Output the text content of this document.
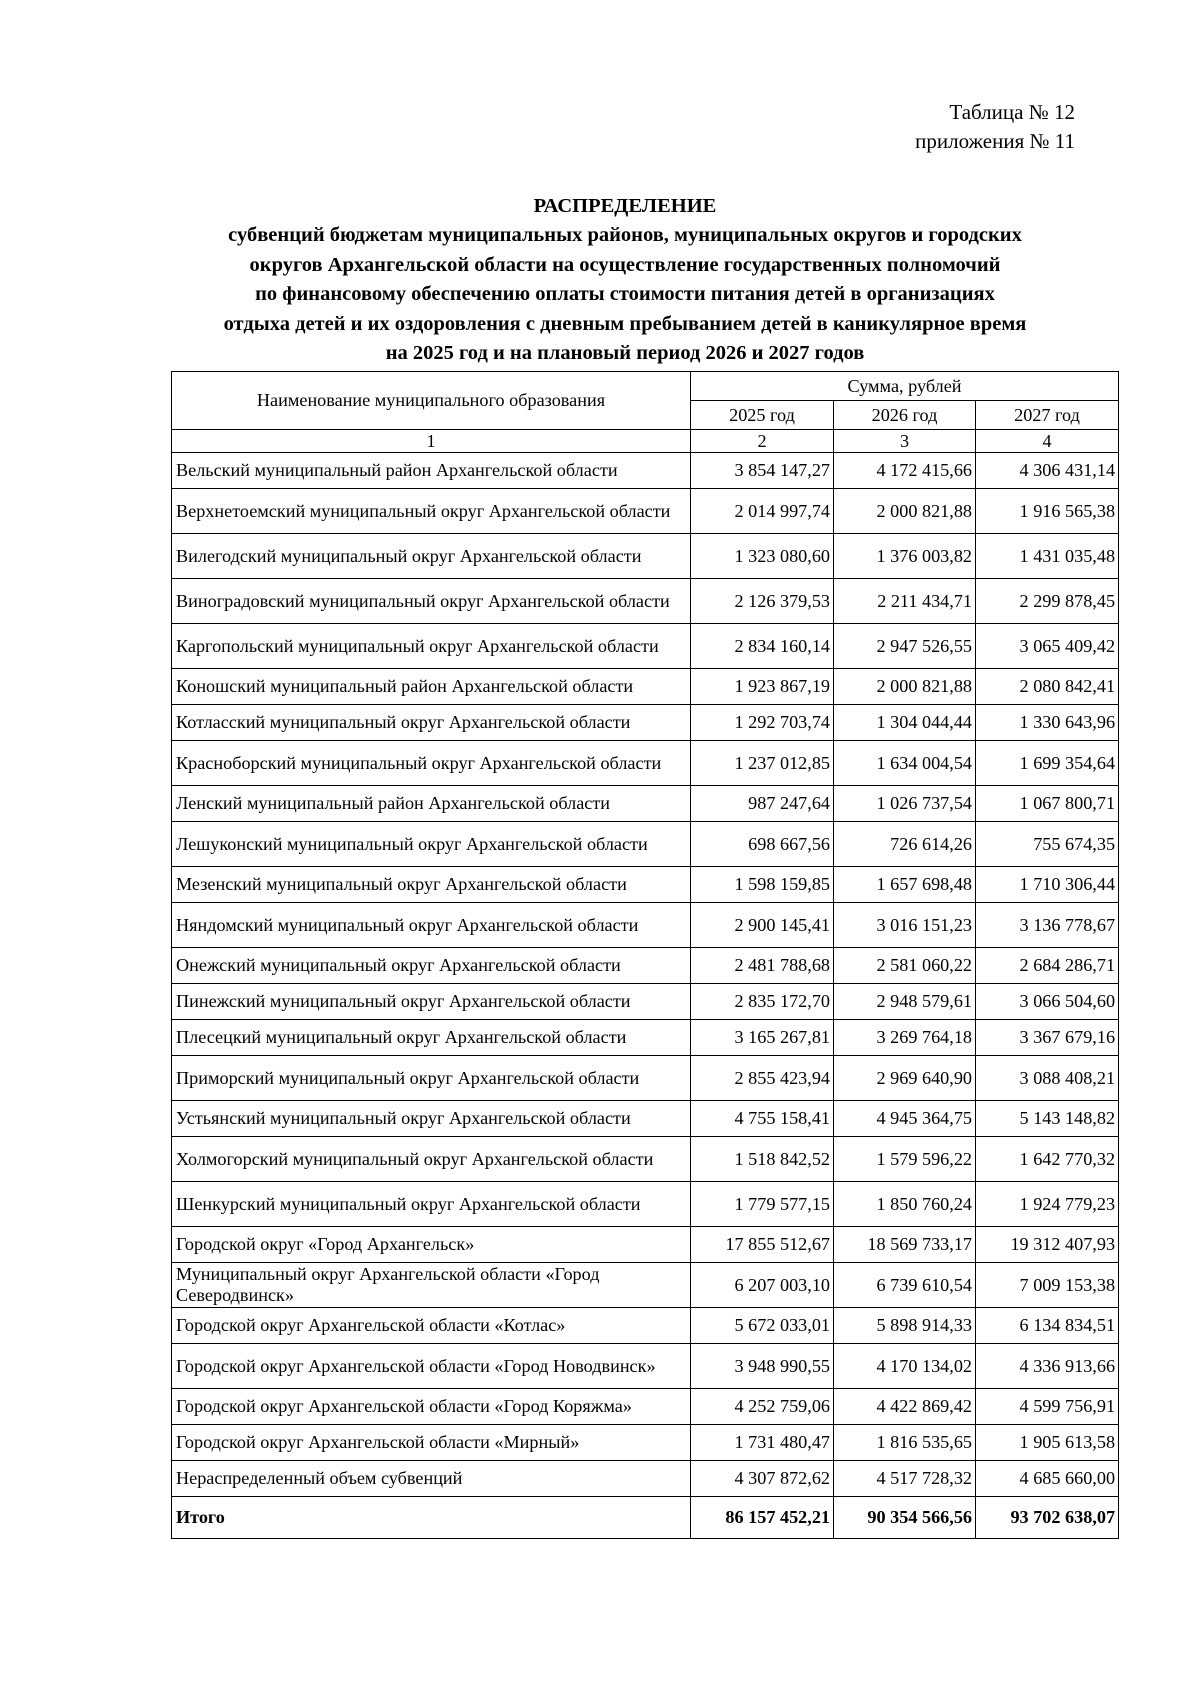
Таблица № 12
приложения № 11
РАСПРЕДЕЛЕНИЕ
субвенций бюджетам муниципальных районов, муниципальных округов и городских
округов Архангельской области на осуществление государственных полномочий
по финансовому обеспечению оплаты стоимости питания детей в организациях
отдыха детей и их оздоровления с дневным пребыванием детей в каникулярное время
на 2025 год и на плановый период 2026 и 2027 годов
Наименование муниципального образования	Сумма, рублей		
	2025 год	2026 год	2027 год
1	2	3	4
Вельский муниципальный район Архангельской области	3 854 147,27	4 172 415,66	4 306 431,14
Верхнетоемский муниципальный округ Архангельской области	2 014 997,74	2 000 821,88	1 916 565,38
Вилегодский муниципальный округ Архангельской области	1 323 080,60	1 376 003,82	1 431 035,48
Виноградовский муниципальный округ Архангельской области	2 126 379,53	2 211 434,71	2 299 878,45
Каргопольский муниципальный округ Архангельской области	2 834 160,14	2 947 526,55	3 065 409,42
Коношский муниципальный район Архангельской области	1 923 867,19	2 000 821,88	2 080 842,41
Котласский муниципальный округ Архангельской области	1 292 703,74	1 304 044,44	1 330 643,96
Красноборский муниципальный округ Архангельской области	1 237 012,85	1 634 004,54	1 699 354,64
Ленский муниципальный район Архангельской области	987 247,64	1 026 737,54	1 067 800,71
Лешуконский муниципальный округ Архангельской области	698 667,56	726 614,26	755 674,35
Мезенский муниципальный округ Архангельской области	1 598 159,85	1 657 698,48	1 710 306,44
Няндомский муниципальный округ Архангельской области	2 900 145,41	3 016 151,23	3 136 778,67
Онежский муниципальный округ Архангельской области	2 481 788,68	2 581 060,22	2 684 286,71
Пинежский муниципальный округ Архангельской области	2 835 172,70	2 948 579,61	3 066 504,60
Плесецкий муниципальный округ Архангельской области	3 165 267,81	3 269 764,18	3 367 679,16
Приморский муниципальный округ Архангельской области	2 855 423,94	2 969 640,90	3 088 408,21
Устьянский муниципальный округ Архангельской области	4 755 158,41	4 945 364,75	5 143 148,82
Холмогорский муниципальный округ Архангельской области	1 518 842,52	1 579 596,22	1 642 770,32
Шенкурский муниципальный округ Архангельской области	1 779 577,15	1 850 760,24	1 924 779,23
Городской округ «Город Архангельск»	17 855 512,67	18 569 733,17	19 312 407,93
Муниципальный округ Архангельской области «Город Северодвинск»	6 207 003,10	6 739 610,54	7 009 153,38
Городской округ Архангельской области «Котлас»	5 672 033,01	5 898 914,33	6 134 834,51
Городской округ Архангельской области «Город Новодвинск»	3 948 990,55	4 170 134,02	4 336 913,66
Городской округ Архангельской области «Город Коряжма»	4 252 759,06	4 422 869,42	4 599 756,91
Городской округ Архангельской области «Мирный»	1 731 480,47	1 816 535,65	1 905 613,58
Нераспределенный объем субвенций	4 307 872,62	4 517 728,32	4 685 660,00
Итого	86 157 452,21	90 354 566,56	93 702 638,07
